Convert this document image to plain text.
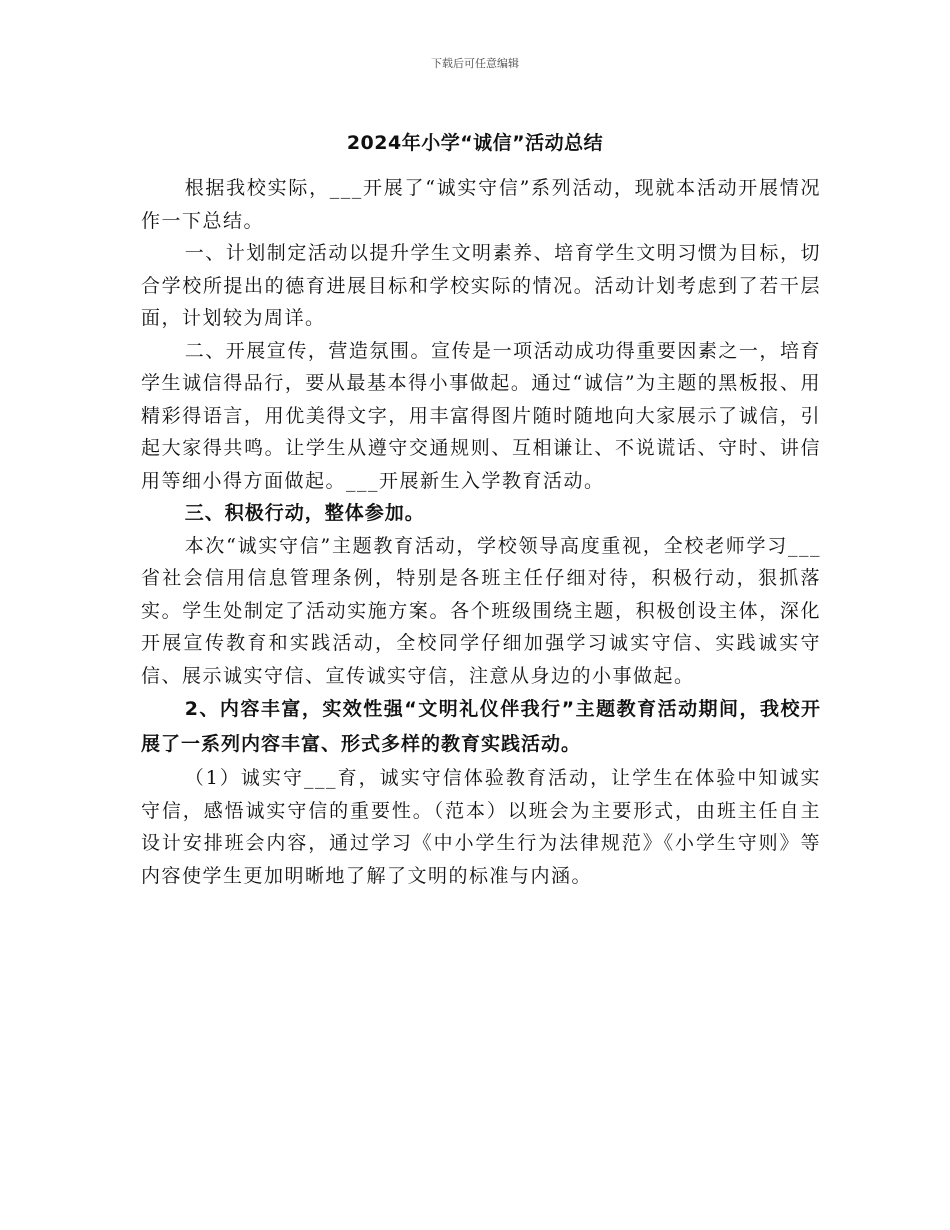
下载后可任意编辑
2024年小学“诚信”活动总结

根据我校实际，___开展了“诚实守信”系列活动，现就本活动开展情况作一下总结。

一、计划制定活动以提升学生文明素养、培育学生文明习惯为目标，切合学校所提出的德育进展目标和学校实际的情况。活动计划考虑到了若干层面，计划较为周详。

二、开展宣传，营造氛围。宣传是一项活动成功得重要因素之一，培育学生诚信得品行，要从最基本得小事做起。通过“诚信”为主题的黑板报、用精彩得语言，用优美得文字，用丰富得图片随时随地向大家展示了诚信，引起大家得共鸣。让学生从遵守交通规则、互相谦让、不说谎话、守时、讲信用等细小得方面做起。___开展新生入学教育活动。

三、积极行动，整体参加。

本次“诚实守信”主题教育活动，学校领导高度重视，全校老师学习___省社会信用信息管理条例，特别是各班主任仔细对待，积极行动，狠抓落实。学生处制定了活动实施方案。各个班级围绕主题，积极创设主体，深化开展宣传教育和实践活动，全校同学仔细加强学习诚实守信、实践诚实守信、展示诚实守信、宣传诚实守信，注意从身边的小事做起。

2、内容丰富，实效性强“文明礼仪伴我行”主题教育活动期间，我校开展了一系列内容丰富、形式多样的教育实践活动。

（1）诚实守___育，诚实守信体验教育活动，让学生在体验中知诚实守信，感悟诚实守信的重要性。（范本）以班会为主要形式，由班主任自主设计安排班会内容，通过学习《中小学生行为法律规范》《小学生守则》等内容使学生更加明晰地了解了文明的标准与内涵。
